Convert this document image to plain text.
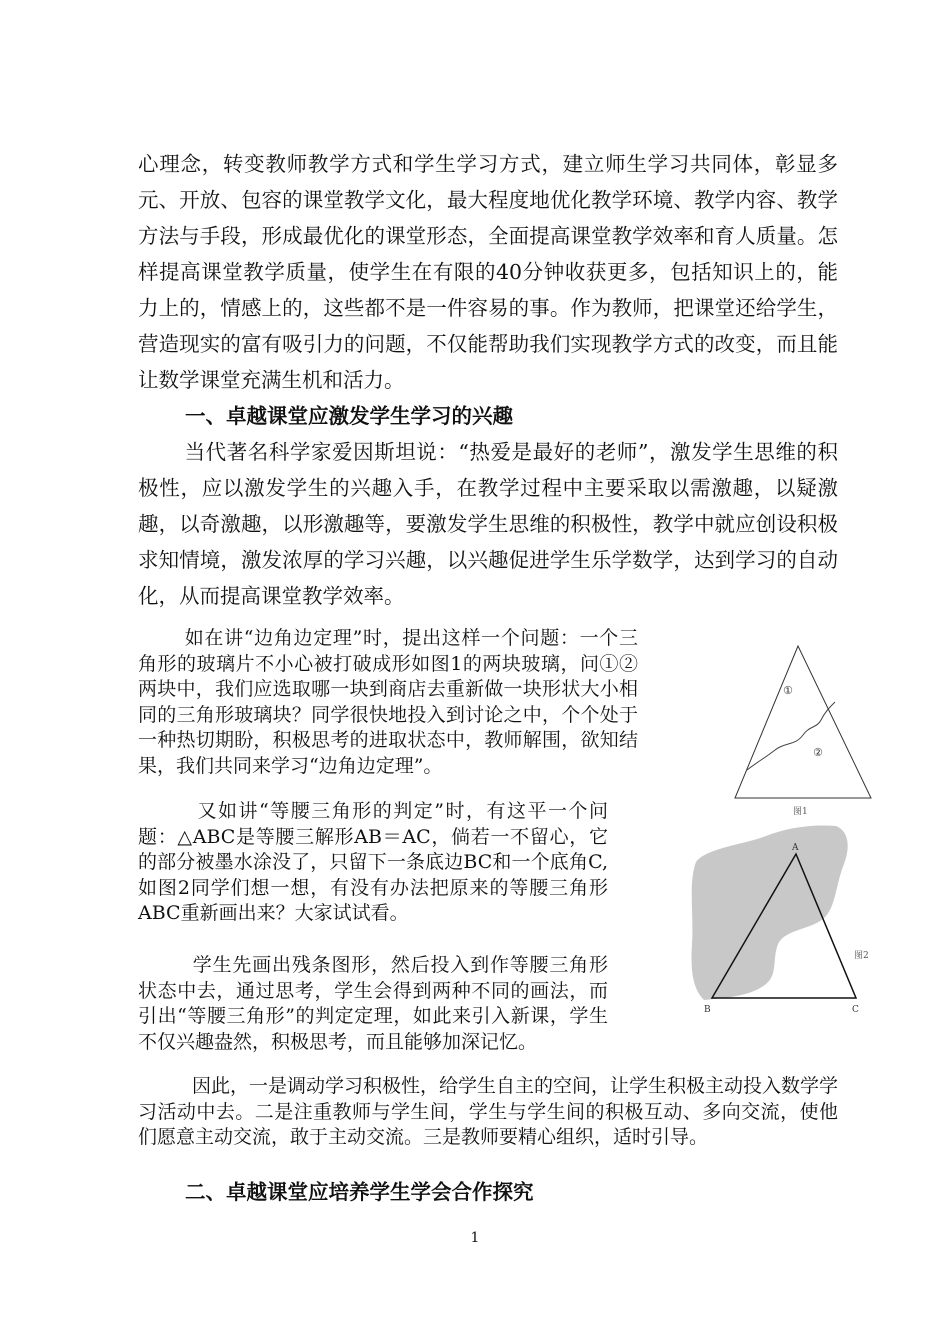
心理念，转变教师教学方式和学生学习方式，建立师生学习共同体，彰显多元、开放、包容的课堂教学文化，最大程度地优化教学环境、教学内容、教学方法与手段，形成最优化的课堂形态，全面提高课堂教学效率和育人质量。怎样提高课堂教学质量，使学生在有限的40分钟收获更多，包括知识上的，能力上的，情感上的，这些都不是一件容易的事。作为教师，把课堂还给学生，营造现实的富有吸引力的问题，不仅能帮助我们实现教学方式的改变，而且能让数学课堂充满生机和活力。

一、卓越课堂应激发学生学习的兴趣

当代著名科学家爱因斯坦说：“热爱是最好的老师”，激发学生思维的积极性，应以激发学生的兴趣入手，在教学过程中主要采取以需激趣，以疑激趣，以奇激趣，以形激趣等，要激发学生思维的积极性，教学中就应创设积极求知情境，激发浓厚的学习兴趣，以兴趣促进学生乐学数学，达到学习的自动化，从而提高课堂教学效率。

如在讲“边角边定理”时，提出这样一个问题：一个三角形的玻璃片不小心被打破成形如图1的两块玻璃，问①②两块中，我们应选取哪一块到商店去重新做一块形状大小相同的三角形玻璃块？同学很快地投入到讨论之中，个个处于一种热切期盼，积极思考的进取状态中，教师解围，欲知结果，我们共同来学习“边角边定理”。

又如讲“等腰三角形的判定”时，有这平一个问题：△ABC是等腰三解形AB＝AC，倘若一不留心，它的部分被墨水涂没了，只留下一条底边BC和一个底角C,如图2同学们想一想，有没有办法把原来的等腰三角形ABC重新画出来？大家试试看。

学生先画出残条图形，然后投入到作等腰三角形状态中去，通过思考，学生会得到两种不同的画法，而引出“等腰三角形”的判定定理，如此来引入新课，学生不仅兴趣盎然，积极思考，而且能够加深记忆。

因此，一是调动学习积极性，给学生自主的空间，让学生积极主动投入数学学习活动中去。二是注重教师与学生间，学生与学生间的积极互动、多向交流，使他们愿意主动交流，敢于主动交流。三是教师要精心组织，适时引导。

二、卓越课堂应培养学生学会合作探究
①
②
图1
A
B	C
图2
1
